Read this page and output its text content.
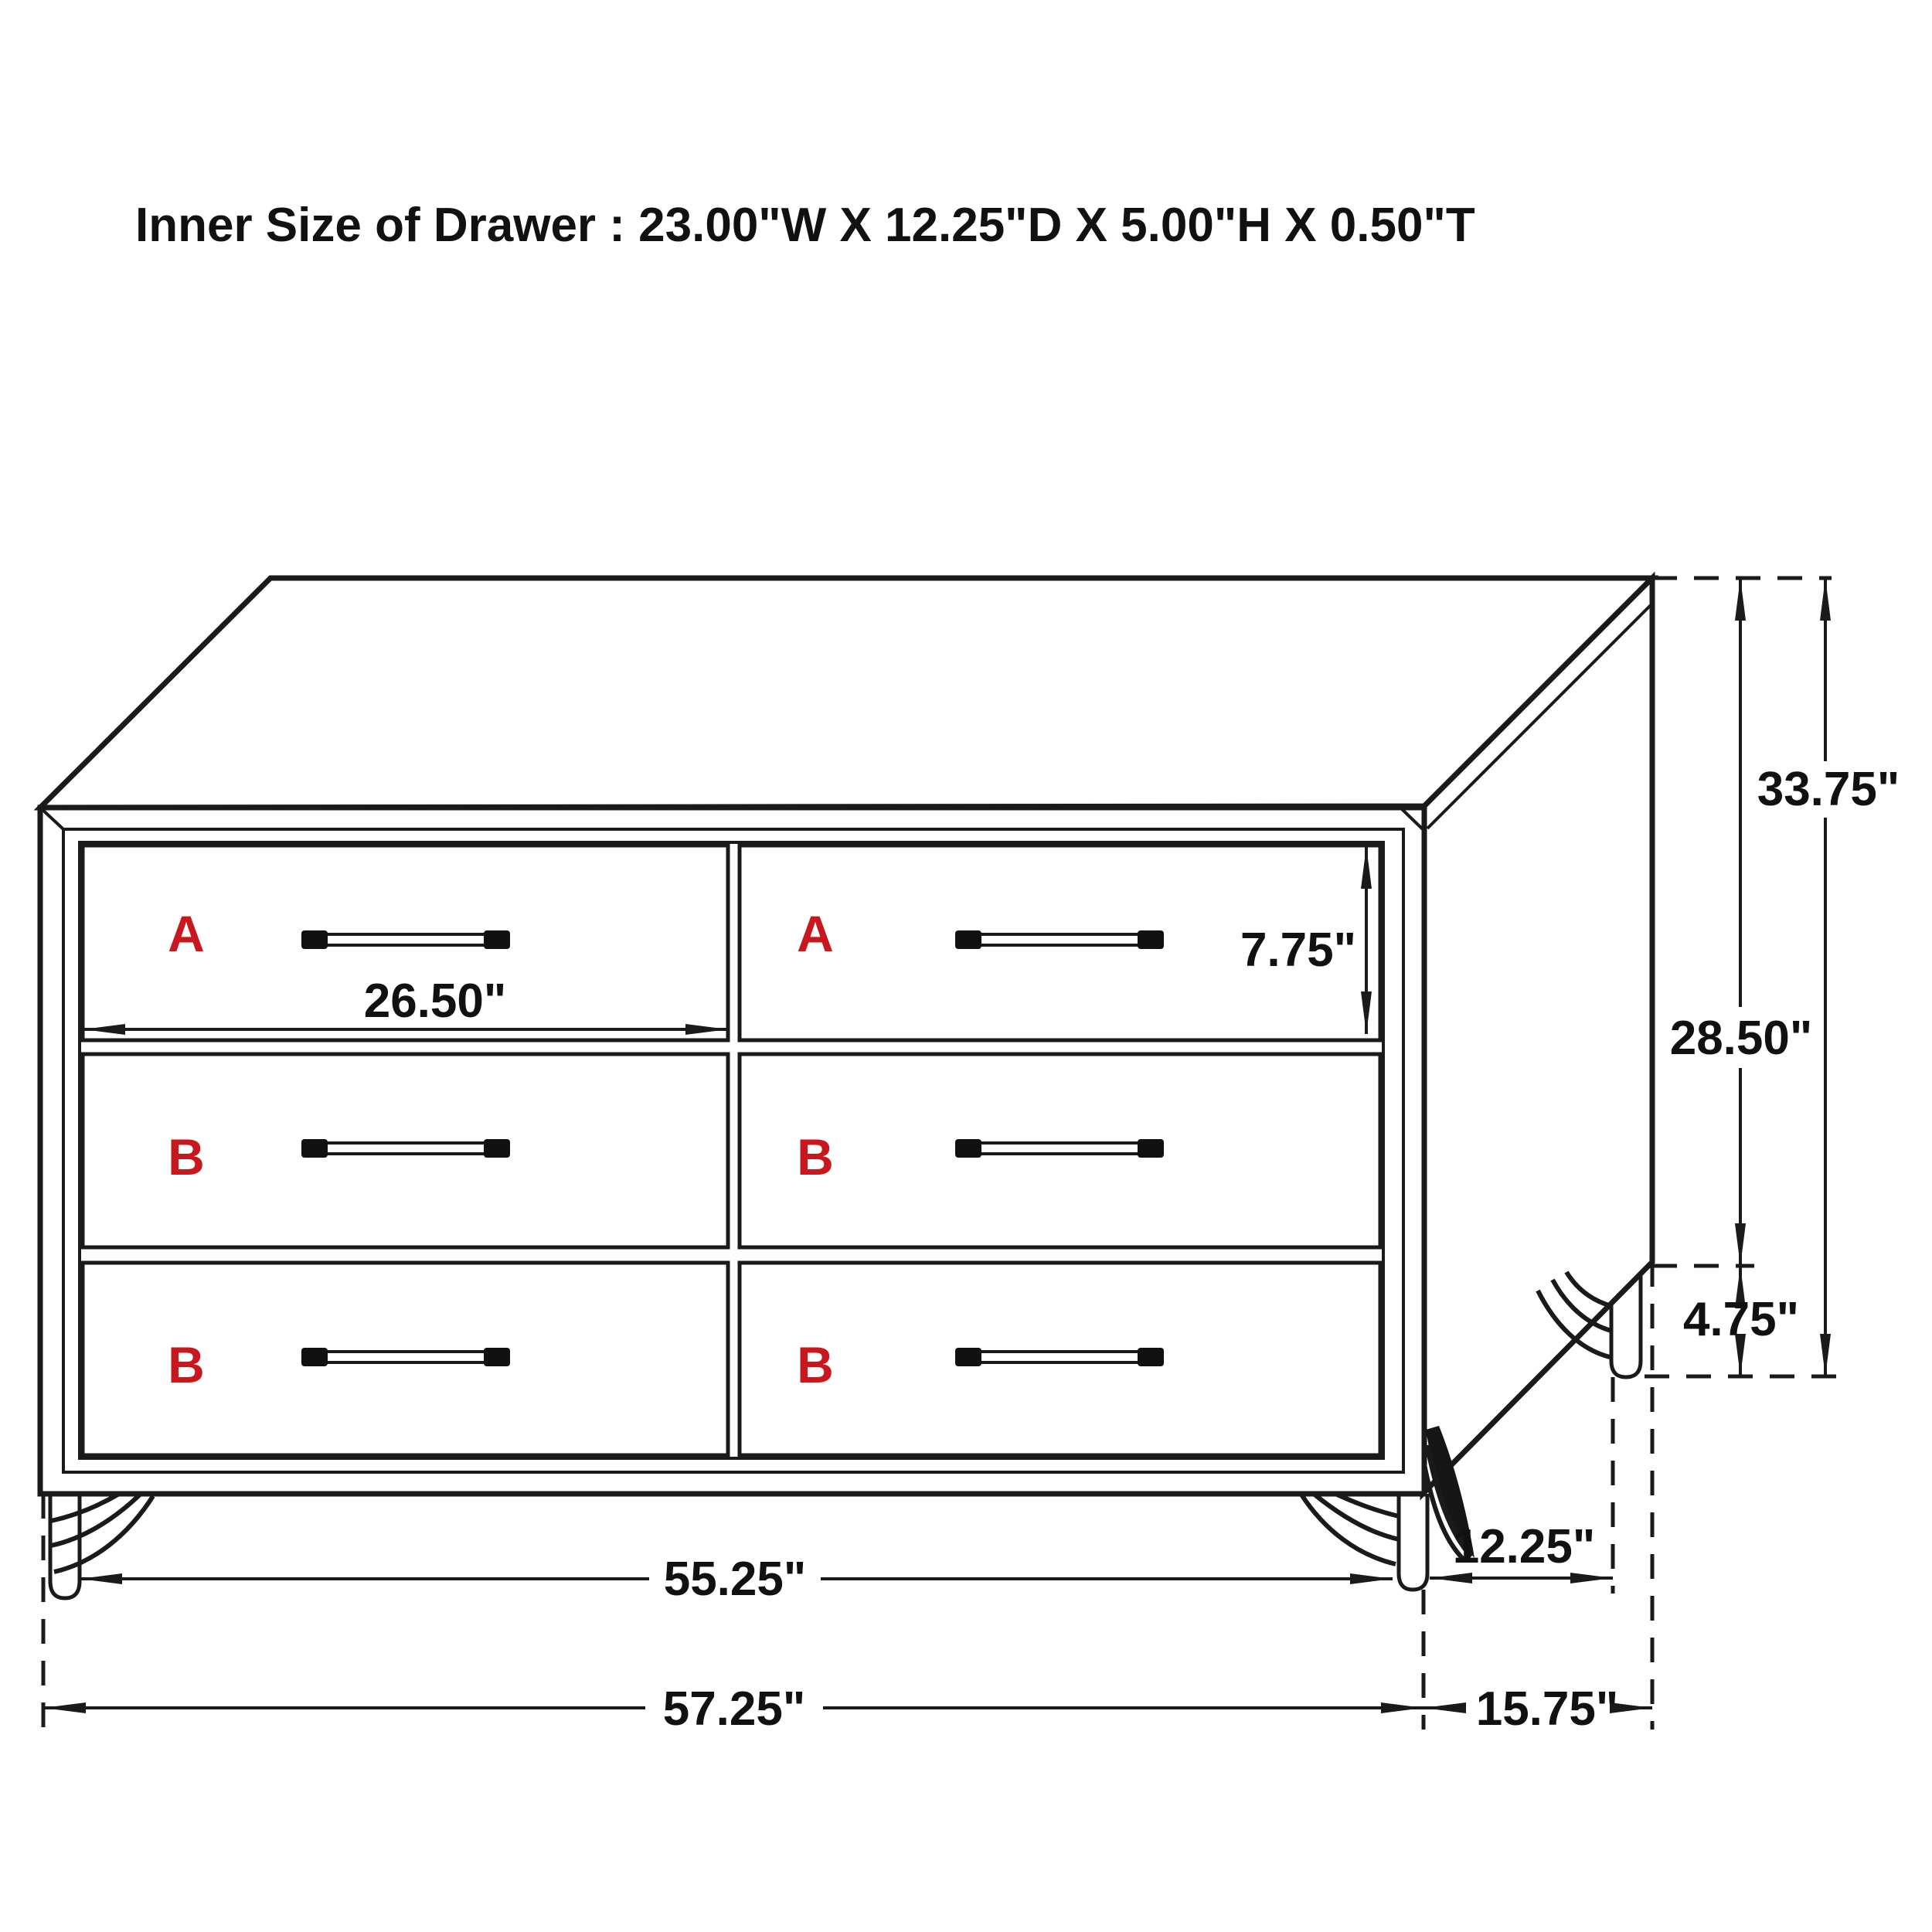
Inner Size of Drawer : 23.00"W X 12.25"D X 5.00"H X 0.50"T
A	A
B	B
B	B
26.50"
7.75"
33.75"
28.50"
4.75"
55.25"
12.25"
57.25"	15.75"
